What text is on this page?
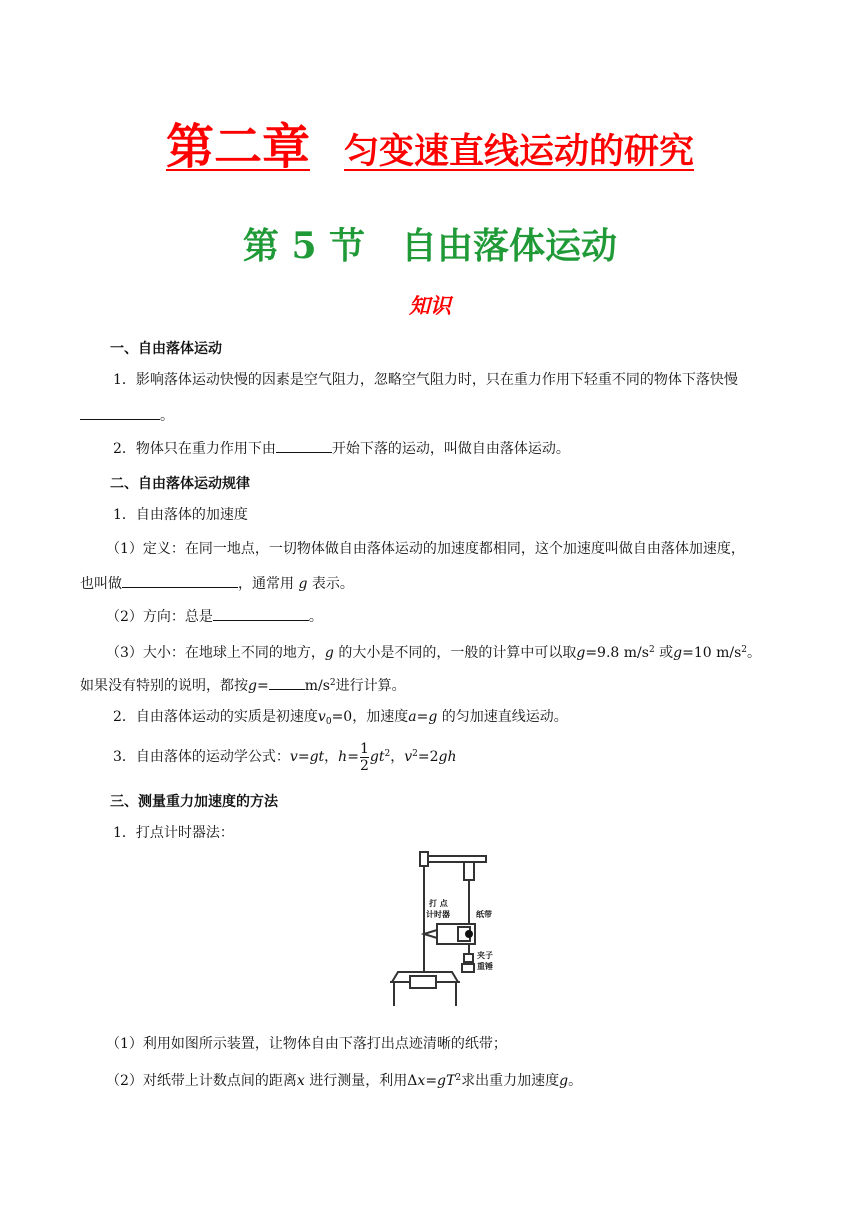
第二章 匀变速直线运动的研究
第 5 节 自由落体运动
知识
一、自由落体运动
1．影响落体运动快慢的因素是空气阻力，忽略空气阻力时，只在重力作用下轻重不同的物体下落快慢
。
2．物体只在重力作用下由	开始下落的运动，叫做自由落体运动。
二、自由落体运动规律
1．自由落体的加速度
（1）定义：在同一地点，一切物体做自由落体运动的加速度都相同，这个加速度叫做自由落体加速度，
也叫做	，通常用 g 表示。
（2）方向：总是	。
（3）大小：在地球上不同的地方，g 的大小是不同的，一般的计算中可以取g=9.8 $m/s^2$ 或g=10 $m/s^2$。
如果没有特别的说明，都按g=	$m/s^2$进行计算。
2．自由落体运动的实质是初速度$v_0=0$，加速度a=g 的匀加速直线运动。
3．自由落体的运动学公式：v=gt，$h= \frac{1}{2} gt^2$，$v^2=2gh$
三、测量重力加速度的方法
1．打点计时器法：
打 点
计时器	纸带
夹子
重锤
（1）利用如图所示装置，让物体自由下落打出点迹清晰的纸带；
（2）对纸带上计数点间的距离x 进行测量，利用$\Delta x=gT^2$求出重力加速度g。
